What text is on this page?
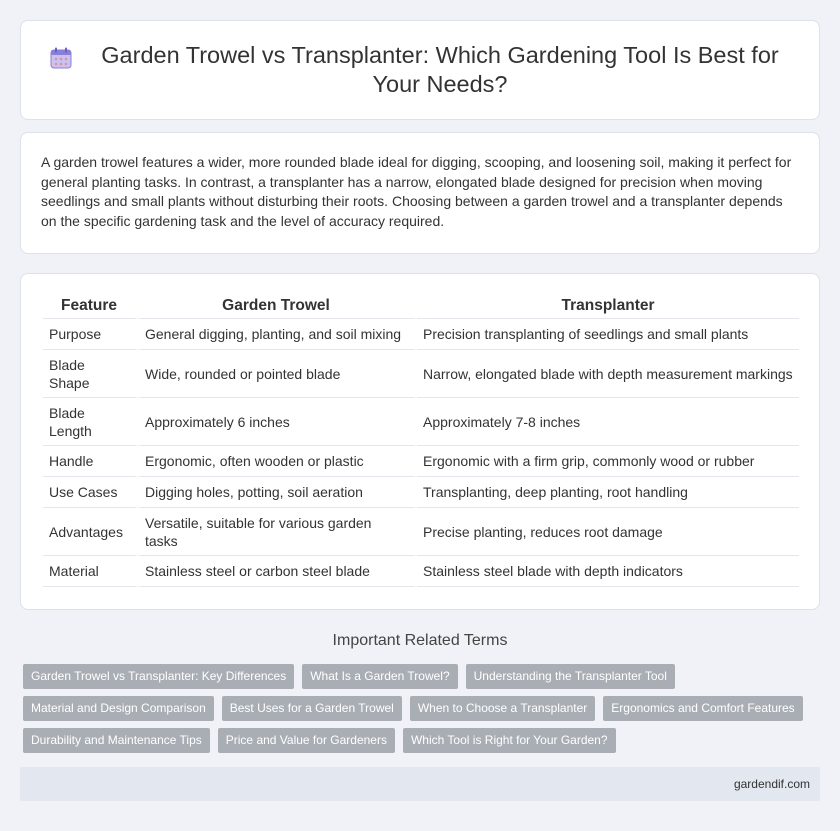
Garden Trowel vs Transplanter: Which Gardening Tool Is Best for Your Needs?

A garden trowel features a wider, more rounded blade ideal for digging, scooping, and loosening soil, making it perfect for general planting tasks. In contrast, a transplanter has a narrow, elongated blade designed for precision when moving seedlings and small plants without disturbing their roots. Choosing between a garden trowel and a transplanter depends on the specific gardening task and the level of accuracy required.

Feature	Garden Trowel	Transplanter
Purpose	General digging, planting, and soil mixing	Precision transplanting of seedlings and small plants
Blade Shape	Wide, rounded or pointed blade	Narrow, elongated blade with depth measurement markings
Blade Length	Approximately 6 inches	Approximately 7-8 inches
Handle	Ergonomic, often wooden or plastic	Ergonomic with a firm grip, commonly wood or rubber
Use Cases	Digging holes, potting, soil aeration	Transplanting, deep planting, root handling
Advantages	Versatile, suitable for various garden tasks	Precise planting, reduces root damage
Material	Stainless steel or carbon steel blade	Stainless steel blade with depth indicators
Important Related Terms
Garden Trowel vs Transplanter: Key Differences	What Is a Garden Trowel?	Understanding the Transplanter Tool
Material and Design Comparison	Best Uses for a Garden Trowel	When to Choose a Transplanter	Ergonomics and Comfort Features
Durability and Maintenance Tips	Price and Value for Gardeners	Which Tool is Right for Your Garden?
gardendif.com
